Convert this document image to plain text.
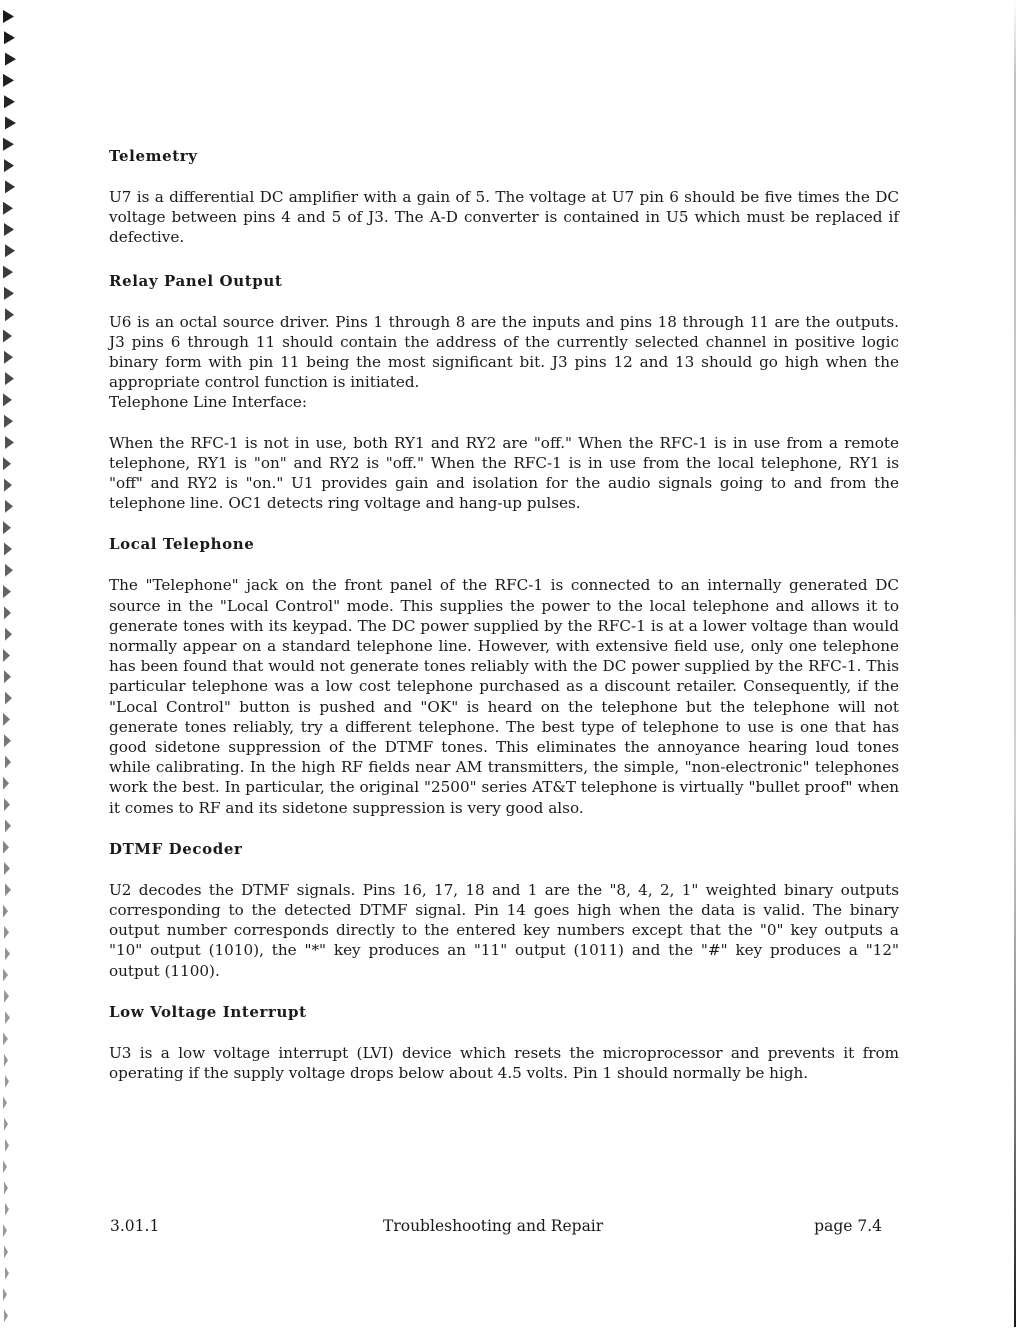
Telemetry

U7 is a differential DC amplifier with a gain of 5. The voltage at U7 pin 6 should be five times the DC voltage between pins 4 and 5 of J3. The A-D converter is contained in U5 which must be replaced if defective.

Relay Panel Output

U6 is an octal source driver. Pins 1 through 8 are the inputs and pins 18 through 11 are the outputs. J3 pins 6 through 11 should contain the address of the currently selected channel in positive logic binary form with pin 11 being the most significant bit. J3 pins 12 and 13 should go high when the appropriate control function is initiated.

Telephone Line Interface:

When the RFC-1 is not in use, both RY1 and RY2 are "off." When the RFC-1 is in use from a remote telephone, RY1 is "on" and RY2 is "off." When the RFC-1 is in use from the local telephone, RY1 is "off" and RY2 is "on." U1 provides gain and isolation for the audio signals going to and from the telephone line. OC1 detects ring voltage and hang-up pulses.

Local Telephone

The "Telephone" jack on the front panel of the RFC-1 is connected to an internally generated DC source in the "Local Control" mode. This supplies the power to the local telephone and allows it to generate tones with its keypad. The DC power supplied by the RFC-1 is at a lower voltage than would normally appear on a standard telephone line. However, with extensive field use, only one telephone has been found that would not generate tones reliably with the DC power supplied by the RFC-1. This particular telephone was a low cost telephone purchased as a discount retailer. Consequently, if the "Local Control" button is pushed and "OK" is heard on the telephone but the telephone will not generate tones reliably, try a different telephone. The best type of telephone to use is one that has good sidetone suppression of the DTMF tones. This eliminates the annoyance hearing loud tones while calibrating. In the high RF fields near AM transmitters, the simple, "non-electronic" telephones work the best. In particular, the original "2500" series AT&T telephone is virtually "bullet proof" when it comes to RF and its sidetone suppression is very good also.

DTMF Decoder

U2 decodes the DTMF signals. Pins 16, 17, 18 and 1 are the "8, 4, 2, 1" weighted binary outputs corresponding to the detected DTMF signal. Pin 14 goes high when the data is valid. The binary output number corresponds directly to the entered key numbers except that the "0" key outputs a "10" output (1010), the "*" key produces an "11" output (1011) and the "#" key produces a "12" output (1100).

Low Voltage Interrupt

U3 is a low voltage interrupt (LVI) device which resets the microprocessor and prevents it from operating if the supply voltage drops below about 4.5 volts. Pin 1 should normally be high.

3.01.1	Troubleshooting and Repair	page 7.4
